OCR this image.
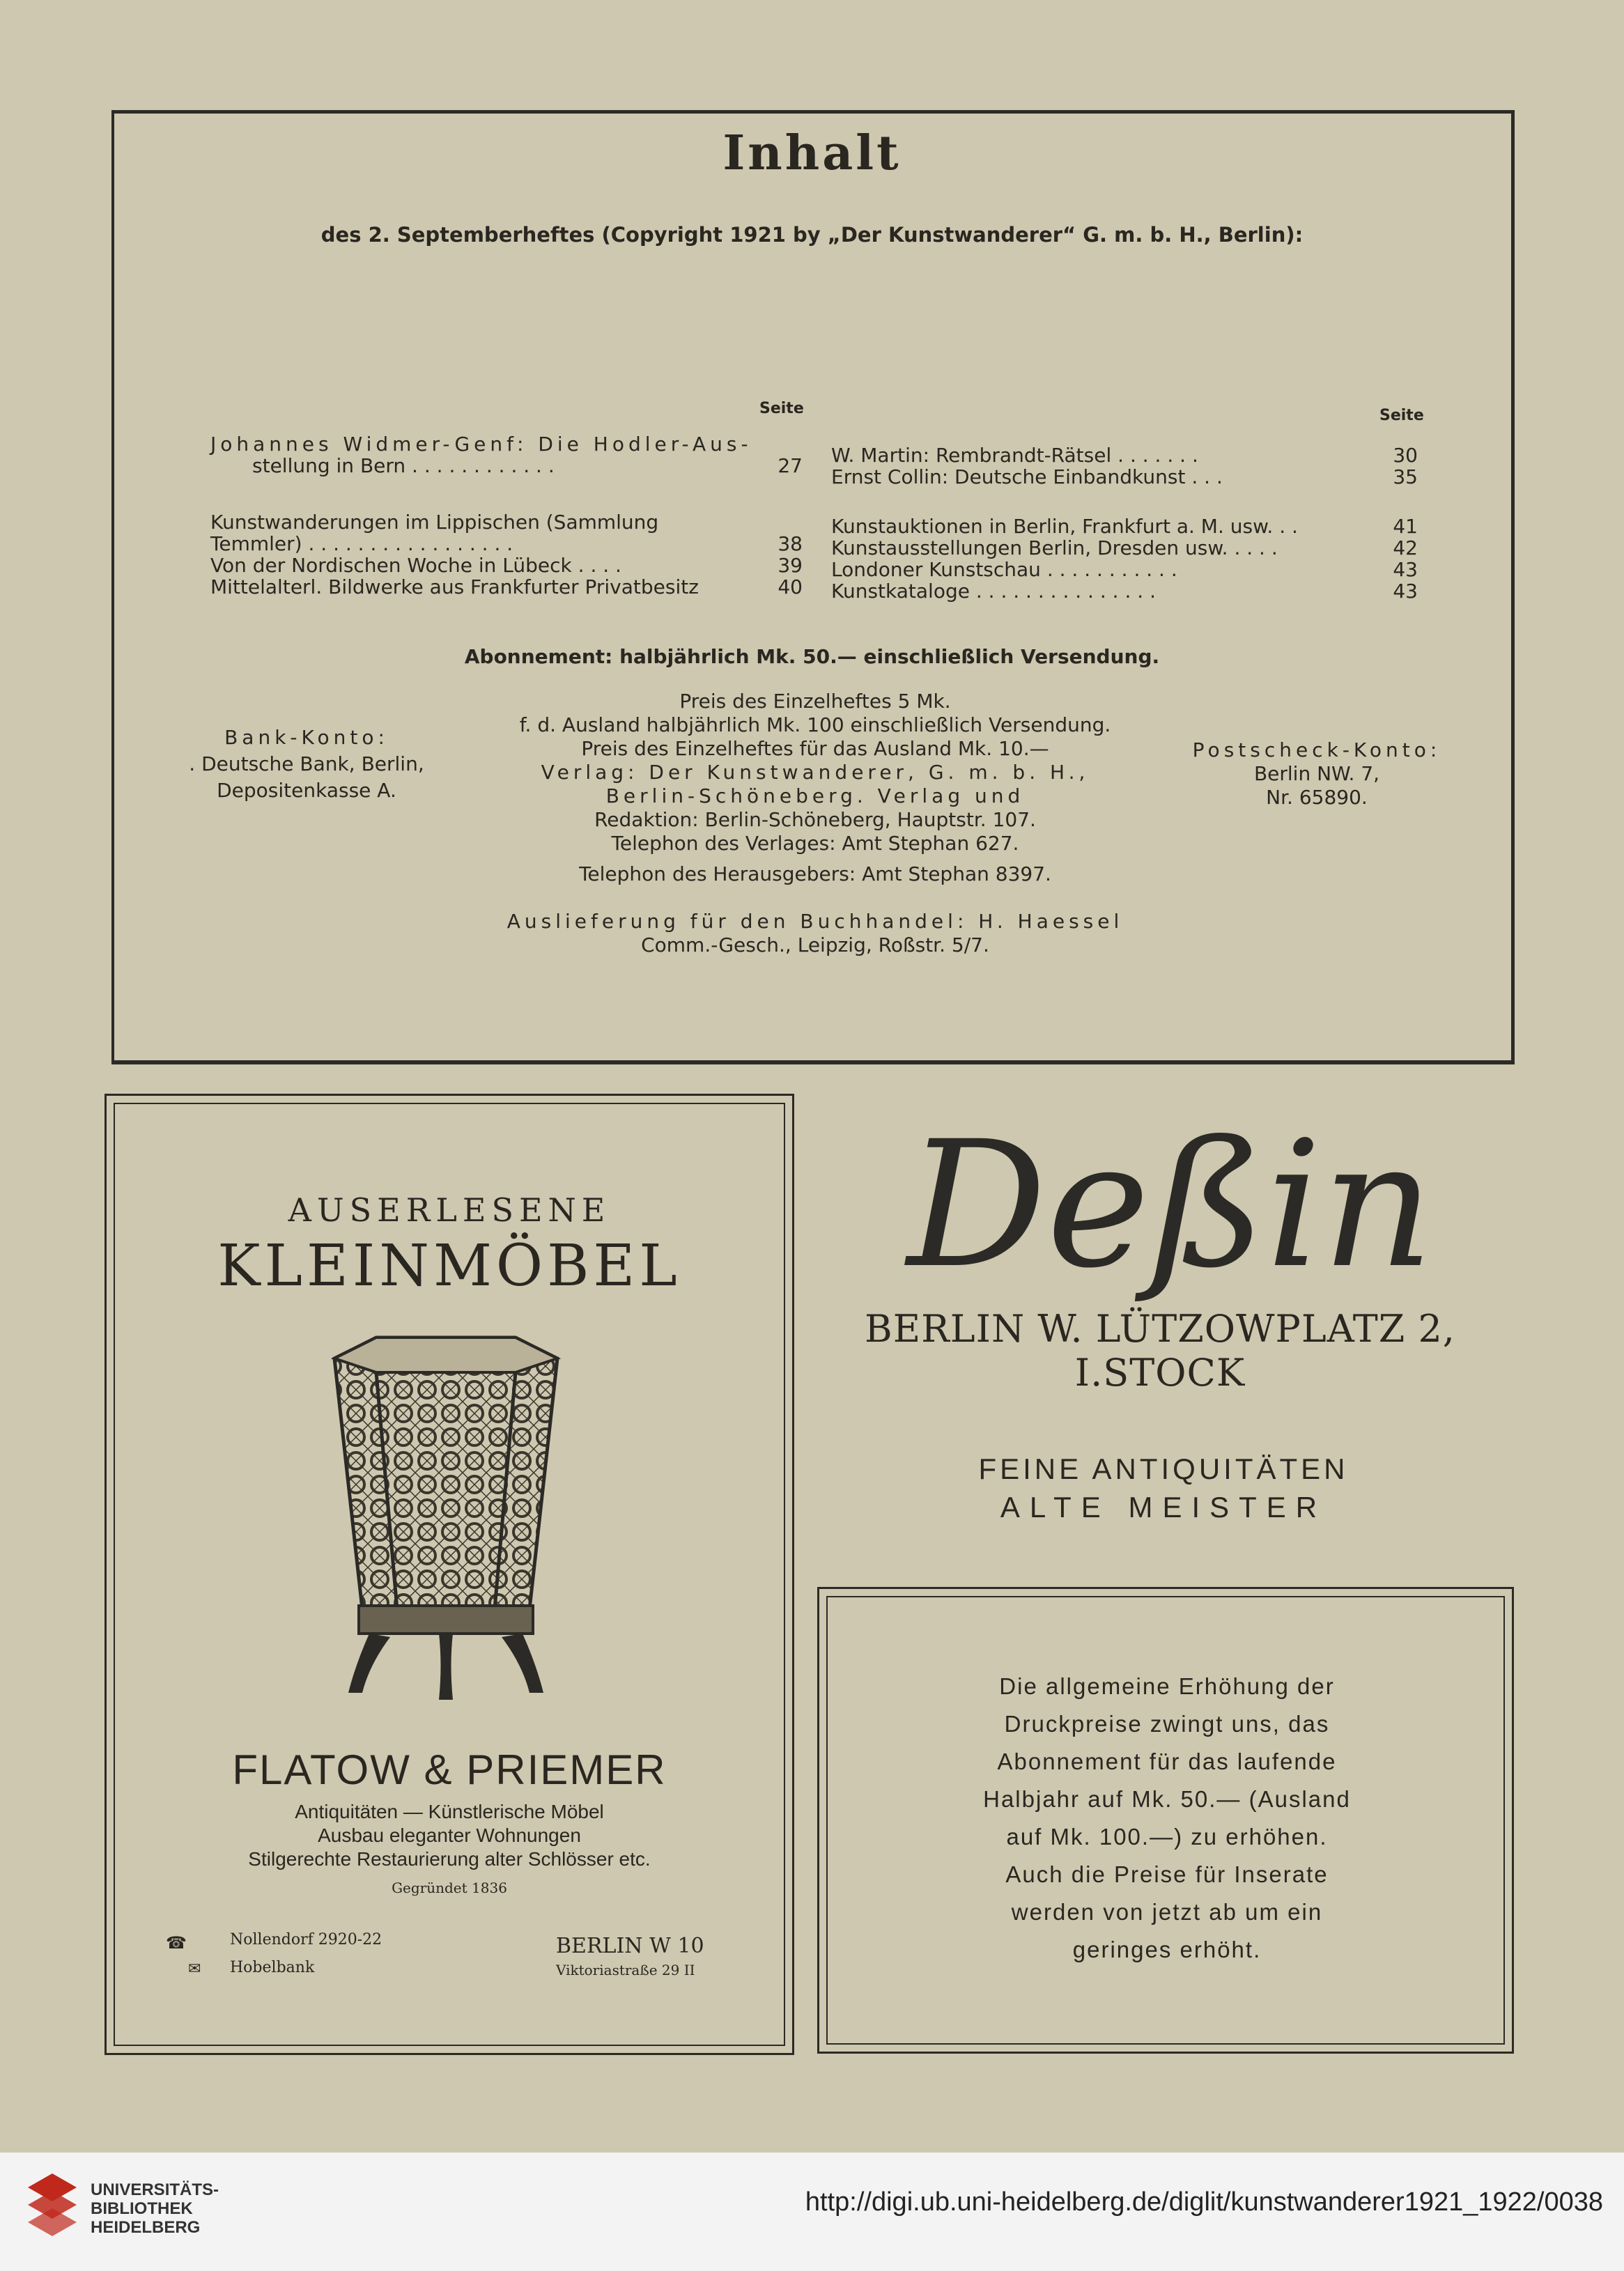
Inhalt
des 2. Septemberheftes (Copyright 1921 by „Der Kunstwanderer“ G. m. b. H., Berlin):
Seite	Seite
Johannes Widmer-Genf: Die Hodler-Aus-
stellung in Bern . . . . . . . . . . . .	27
Kunstwanderungen im Lippischen (Sammlung
Temmler) . . . . . . . . . . . . . . . . .	38
Von der Nordischen Woche in Lübeck . . . .	39
Mittelalterl. Bildwerke aus Frankfurter Privatbesitz	40
W. Martin: Rembrandt-Rätsel . . . . . . .	30
Ernst Collin: Deutsche Einbandkunst . . .	35
Kunstauktionen in Berlin, Frankfurt a. M. usw. . .	41
Kunstausstellungen Berlin, Dresden usw. . . . .	42
Londoner Kunstschau . . . . . . . . . . .	43
Kunstkataloge . . . . . . . . . . . . . . .	43
Abonnement: halbjährlich Mk. 50.— einschließlich Versendung.
Preis des Einzelheftes 5 Mk.
f. d. Ausland halbjährlich Mk. 100 einschließlich Versendung.
Preis des Einzelheftes für das Ausland Mk. 10.—
Verlag: Der Kunstwanderer, G. m. b. H.,
Berlin-Schöneberg. Verlag und
Redaktion: Berlin-Schöneberg, Hauptstr. 107.
Telephon des Verlages: Amt Stephan 627.
Telephon des Herausgebers: Amt Stephan 8397.
Bank-Konto:
. Deutsche Bank, Berlin,
Depositenkasse A.
Postscheck-Konto:
Berlin NW. 7,
Nr. 65890.
Auslieferung für den Buchhandel: H. Haessel
Comm.-Gesch., Leipzig, Roßstr. 5/7.
AUSERLESENE
KLEINMÖBEL
FLATOW & PRIEMER
Antiquitäten — Künstlerische Möbel
Ausbau eleganter Wohnungen
Stilgerechte Restaurierung alter Schlösser etc.
Gegründet 1836
☎	Nollendorf 2920-22
✉ Hobelbank
BERLIN W 10
Viktoriastraße 29 II
Deßin
BERLIN W. LÜTZOWPLATZ 2, I.STOCK
FEINE ANTIQUITÄTEN
ALTE MEISTER
Die allgemeine Erhöhung der
Druckpreise zwingt uns, das
Abonnement für das laufende
Halbjahr auf Mk. 50.— (Ausland
auf Mk. 100.—) zu erhöhen.
Auch die Preise für Inserate
werden von jetzt ab um ein
geringes erhöht.
UNIVERSITÄTS-
BIBLIOTHEK
HEIDELBERG
http://digi.ub.uni-heidelberg.de/diglit/kunstwanderer1921_1922/0038
